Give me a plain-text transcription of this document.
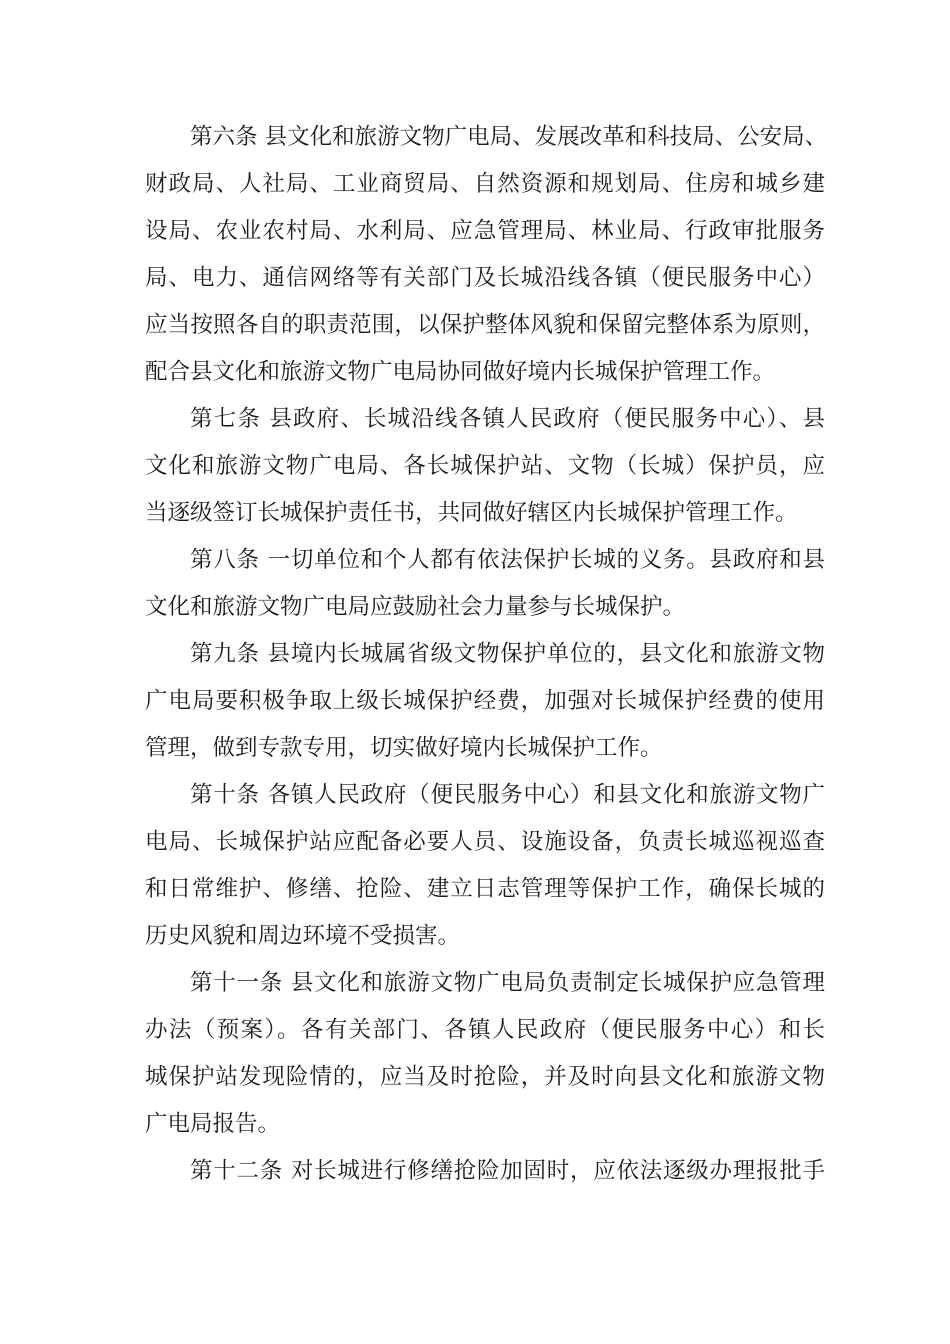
第六条 县文化和旅游文物广电局、发展改革和科技局、公安局、
财政局、人社局、工业商贸局、自然资源和规划局、住房和城乡建
设局、农业农村局、水利局、应急管理局、林业局、行政审批服务
局、电力、通信网络等有关部门及长城沿线各镇（便民服务中心）
应当按照各自的职责范围，以保护整体风貌和保留完整体系为原则，
配合县文化和旅游文物广电局协同做好境内长城保护管理工作。
第七条 县政府、长城沿线各镇人民政府（便民服务中心）、县
文化和旅游文物广电局、各长城保护站、文物（长城）保护员，应
当逐级签订长城保护责任书，共同做好辖区内长城保护管理工作。
第八条 一切单位和个人都有依法保护长城的义务。县政府和县
文化和旅游文物广电局应鼓励社会力量参与长城保护。
第九条 县境内长城属省级文物保护单位的，县文化和旅游文物
广电局要积极争取上级长城保护经费，加强对长城保护经费的使用
管理，做到专款专用，切实做好境内长城保护工作。
第十条 各镇人民政府（便民服务中心）和县文化和旅游文物广
电局、长城保护站应配备必要人员、设施设备，负责长城巡视巡查
和日常维护、修缮、抢险、建立日志管理等保护工作，确保长城的
历史风貌和周边环境不受损害。
第十一条 县文化和旅游文物广电局负责制定长城保护应急管理
办法（预案）。各有关部门、各镇人民政府（便民服务中心）和长
城保护站发现险情的，应当及时抢险，并及时向县文化和旅游文物
广电局报告。
第十二条 对长城进行修缮抢险加固时，应依法逐级办理报批手
